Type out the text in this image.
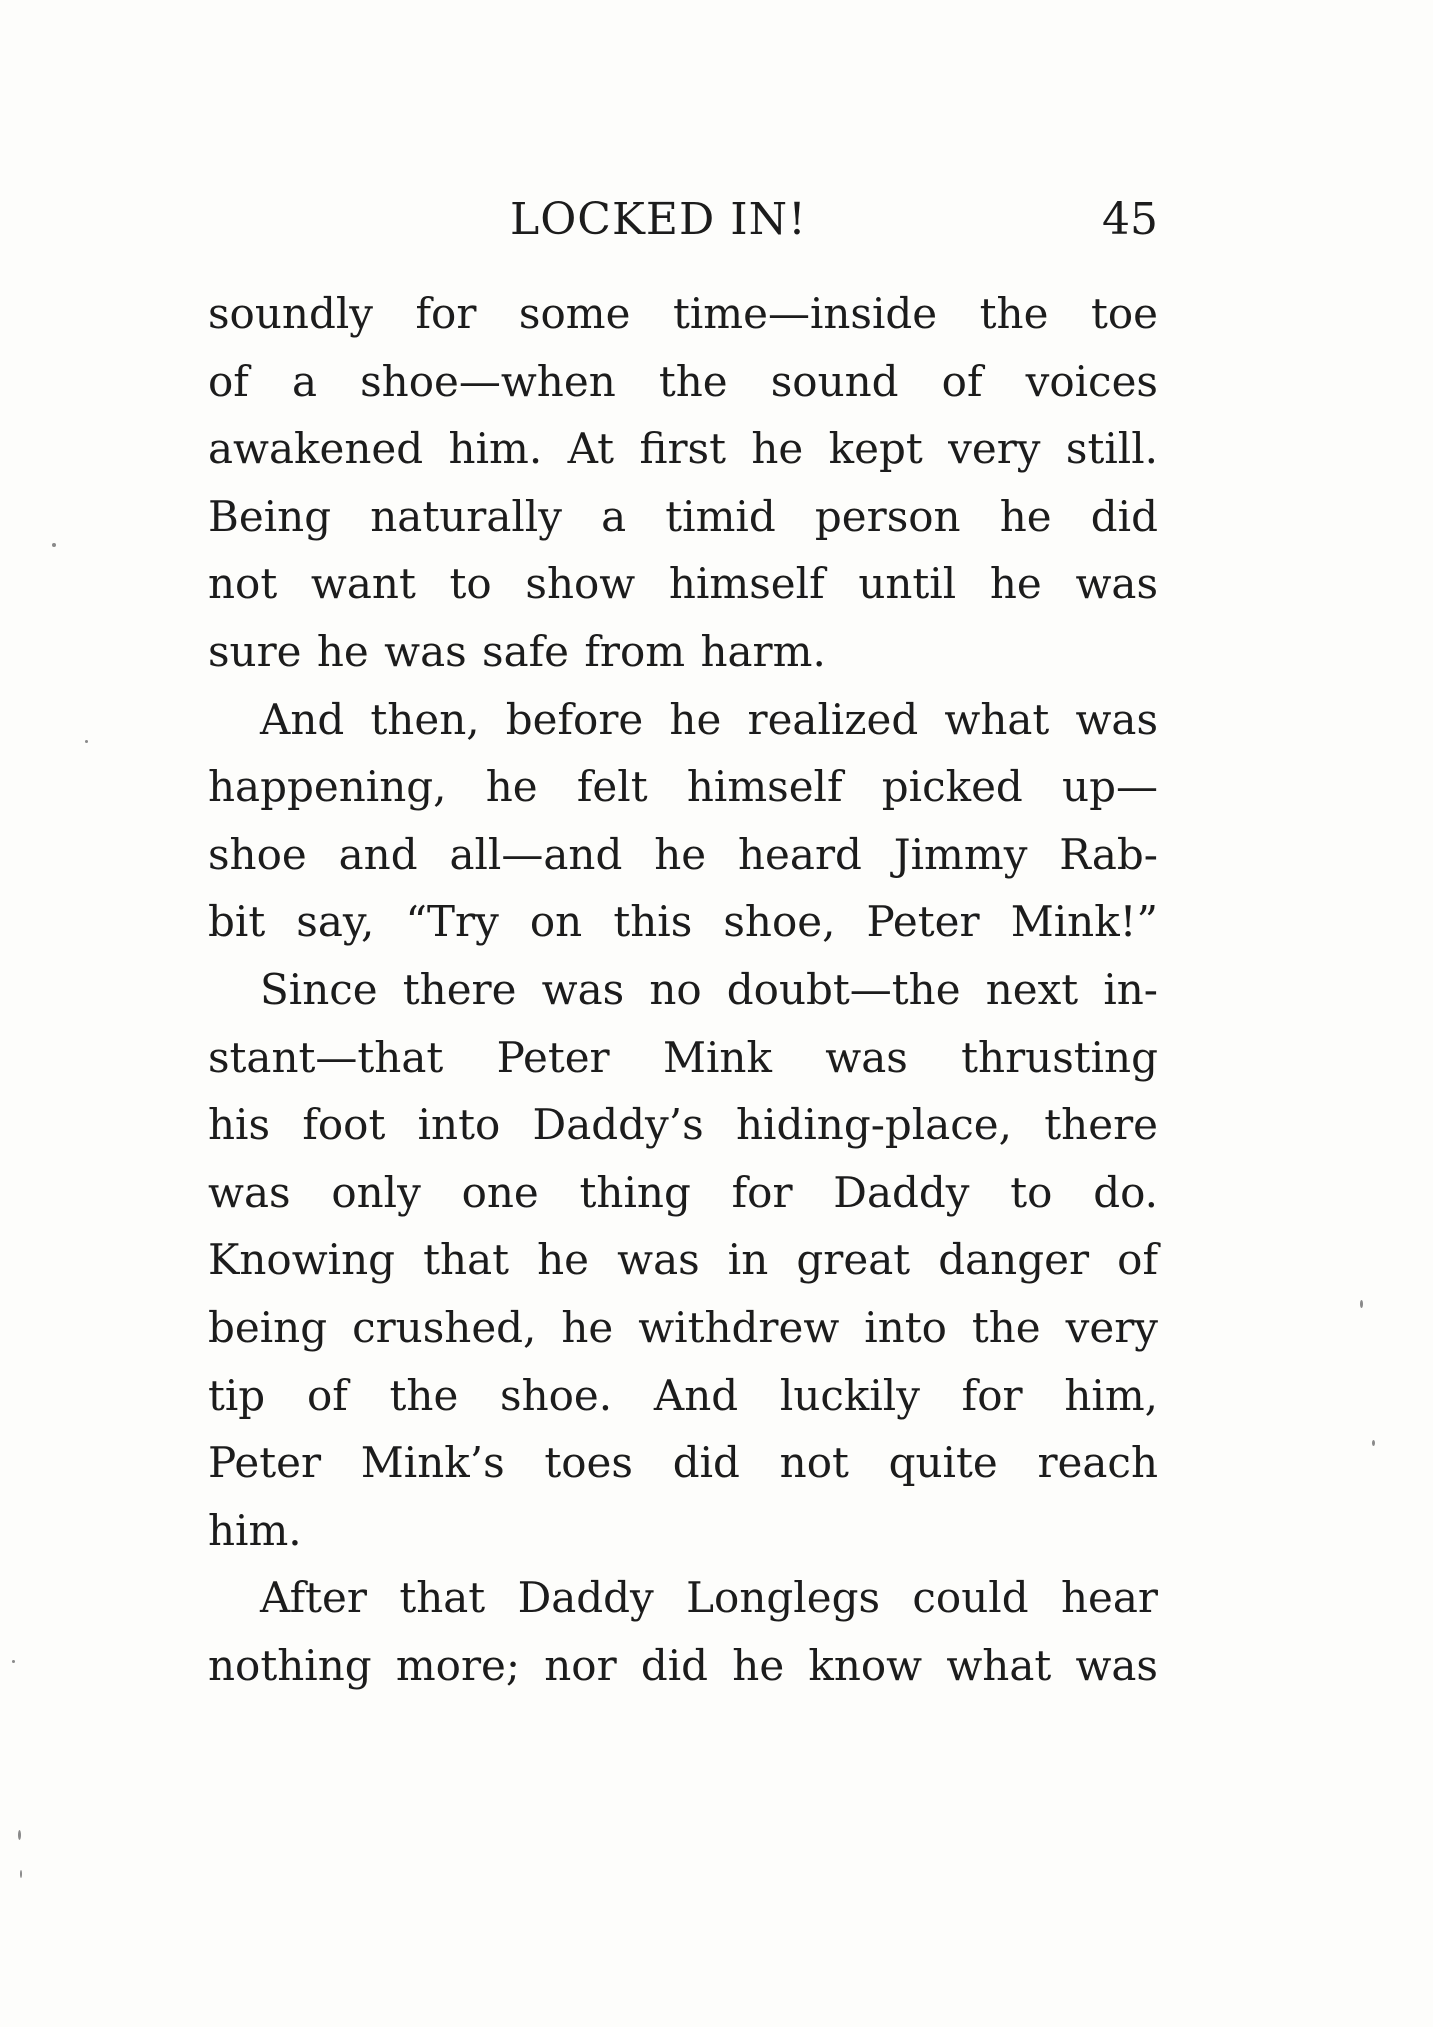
LOCKED IN!	45
soundly for some time—inside the toe
of a shoe—when the sound of voices
awakened him. At first he kept very still.
Being naturally a timid person he did
not want to show himself until he was
sure he was safe from harm.
And then, before he realized what was
happening, he felt himself picked up—
shoe and all—and he heard Jimmy Rab-
bit say, “Try on this shoe, Peter Mink!”
Since there was no doubt—the next in-
stant—that Peter Mink was thrusting
his foot into Daddy’s hiding-place, there
was only one thing for Daddy to do.
Knowing that he was in great danger of
being crushed, he withdrew into the very
tip of the shoe. And luckily for him,
Peter Mink’s toes did not quite reach
him.
After that Daddy Longlegs could hear
nothing more; nor did he know what was
